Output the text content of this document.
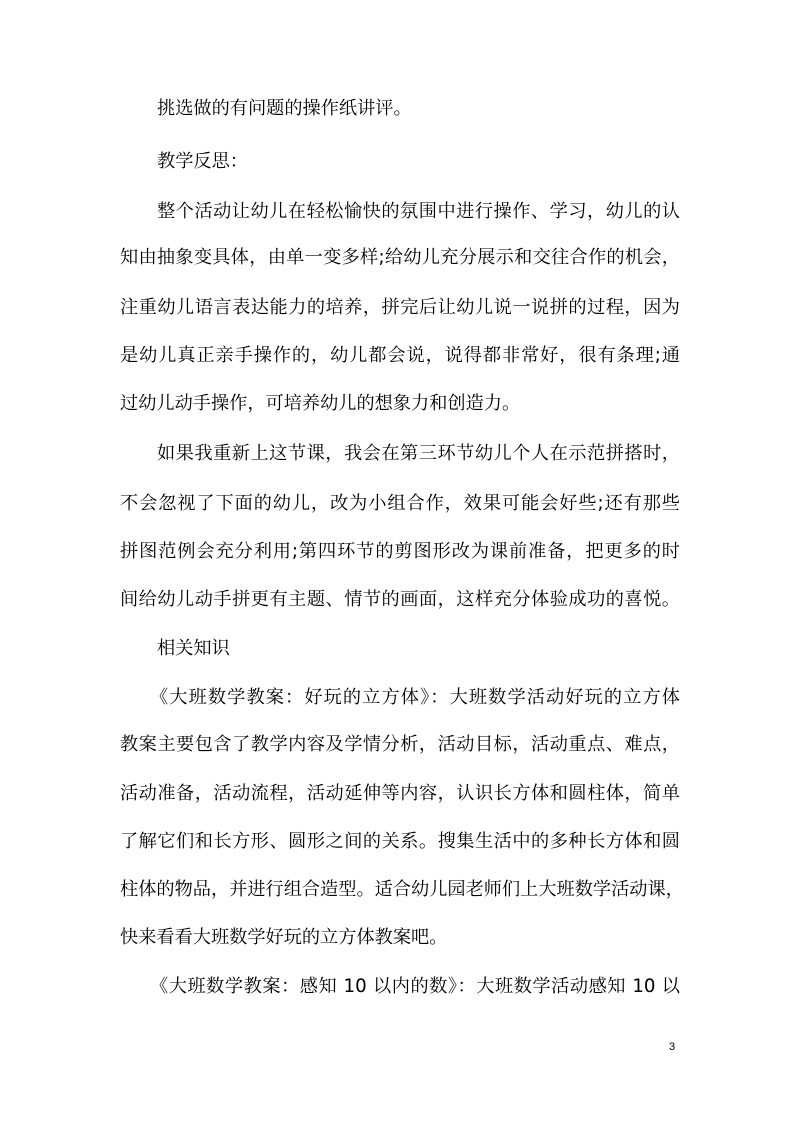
挑选做的有问题的操作纸讲评。
教学反思：
整个活动让幼儿在轻松愉快的氛围中进行操作、学习，幼儿的认
知由抽象变具体，由单一变多样;给幼儿充分展示和交往合作的机会，
注重幼儿语言表达能力的培养，拼完后让幼儿说一说拼的过程，因为
是幼儿真正亲手操作的，幼儿都会说，说得都非常好，很有条理;通
过幼儿动手操作，可培养幼儿的想象力和创造力。
如果我重新上这节课，我会在第三环节幼儿个人在示范拼搭时，
不会忽视了下面的幼儿，改为小组合作，效果可能会好些;还有那些
拼图范例会充分利用;第四环节的剪图形改为课前准备，把更多的时
间给幼儿动手拼更有主题、情节的画面，这样充分体验成功的喜悦。
相关知识
《大班数学教案：好玩的立方体》：大班数学活动好玩的立方体
教案主要包含了教学内容及学情分析，活动目标，活动重点、难点，
活动准备，活动流程，活动延伸等内容，认识长方体和圆柱体，简单
了解它们和长方形、圆形之间的关系。搜集生活中的多种长方体和圆
柱体的物品，并进行组合造型。适合幼儿园老师们上大班数学活动课，
快来看看大班数学好玩的立方体教案吧。
《大班数学教案：感知 10 以内的数》：大班数学活动感知 10 以
3
